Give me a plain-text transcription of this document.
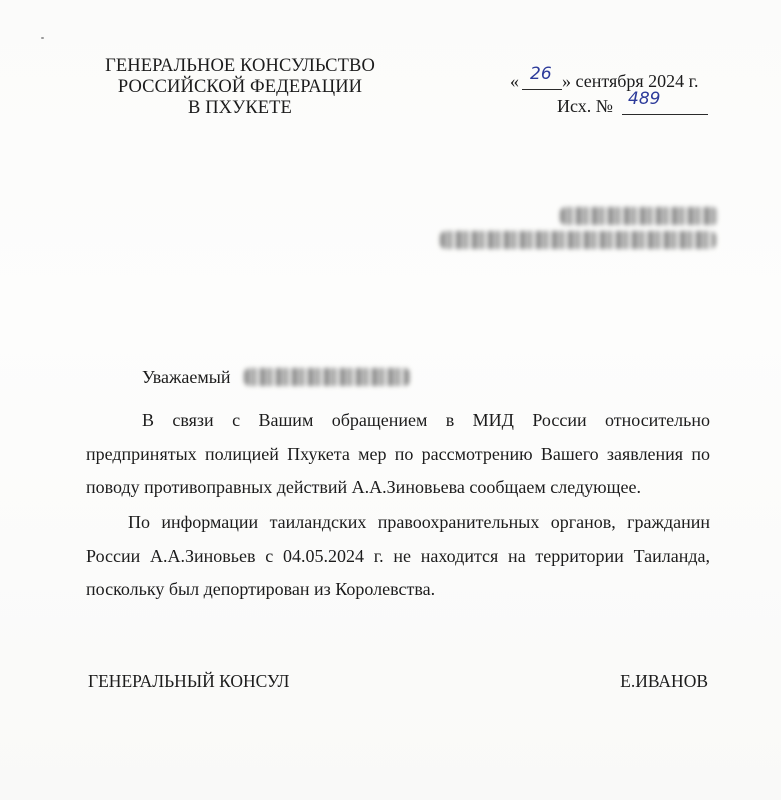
ГЕНЕРАЛЬНОЕ КОНСУЛЬСТВО
РОССИЙСКОЙ ФЕДЕРАЦИИ
В ПХУКЕТЕ
« 26 » сентября 2024 г.
Исх. № 489
Уважаемый
В связи с Вашим обращением в МИД России относительно предпринятых полицией Пхукета мер по рассмотрению Вашего заявления по поводу противоправных действий А.А.Зиновьева сообщаем следующее.
По информации таиландских правоохранительных органов, гражданин России А.А.Зиновьев с 04.05.2024 г. не находится на территории Таиланда, поскольку был депортирован из Королевства.
ГЕНЕРАЛЬНЫЙ КОНСУЛ	Е.ИВАНОВ
